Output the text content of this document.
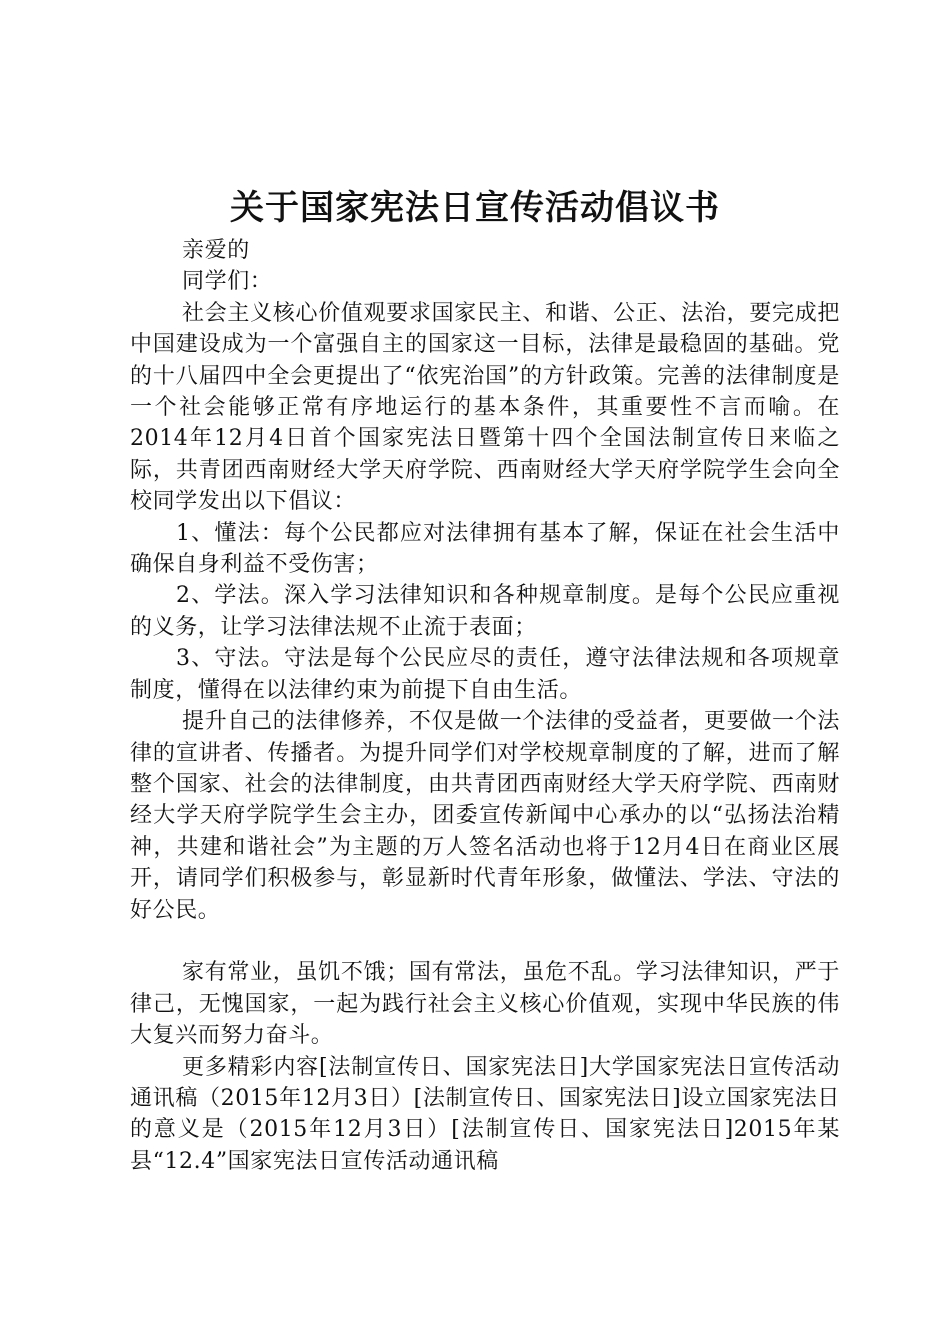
关于国家宪法日宣传活动倡议书

亲爱的

同学们：

社会主义核心价值观要求国家民主、和谐、公正、法治，要完成把中国建设成为一个富强自主的国家这一目标，法律是最稳固的基础。党的十八届四中全会更提出了“依宪治国”的方针政策。完善的法律制度是一个社会能够正常有序地运行的基本条件，其重要性不言而喻。在2014年12月4日首个国家宪法日暨第十四个全国法制宣传日来临之际，共青团西南财经大学天府学院、西南财经大学天府学院学生会向全校同学发出以下倡议：

1、懂法：每个公民都应对法律拥有基本了解，保证在社会生活中确保自身利益不受伤害；

2、学法。深入学习法律知识和各种规章制度。是每个公民应重视的义务，让学习法律法规不止流于表面；

3、守法。守法是每个公民应尽的责任，遵守法律法规和各项规章制度，懂得在以法律约束为前提下自由生活。

提升自己的法律修养，不仅是做一个法律的受益者，更要做一个法律的宣讲者、传播者。为提升同学们对学校规章制度的了解，进而了解整个国家、社会的法律制度，由共青团西南财经大学天府学院、西南财经大学天府学院学生会主办，团委宣传新闻中心承办的以“弘扬法治精神，共建和谐社会”为主题的万人签名活动也将于12月4日在商业区展开，请同学们积极参与，彰显新时代青年形象，做懂法、学法、守法的好公民。

家有常业，虽饥不饿；国有常法，虽危不乱。学习法律知识，严于律己，无愧国家，一起为践行社会主义核心价值观，实现中华民族的伟大复兴而努力奋斗。

更多精彩内容[法制宣传日、国家宪法日]大学国家宪法日宣传活动通讯稿（2015年12月3日）[法制宣传日、国家宪法日]设立国家宪法日的意义是（2015年12月3日）[法制宣传日、国家宪法日]2015年某县“12.4”国家宪法日宣传活动通讯稿
